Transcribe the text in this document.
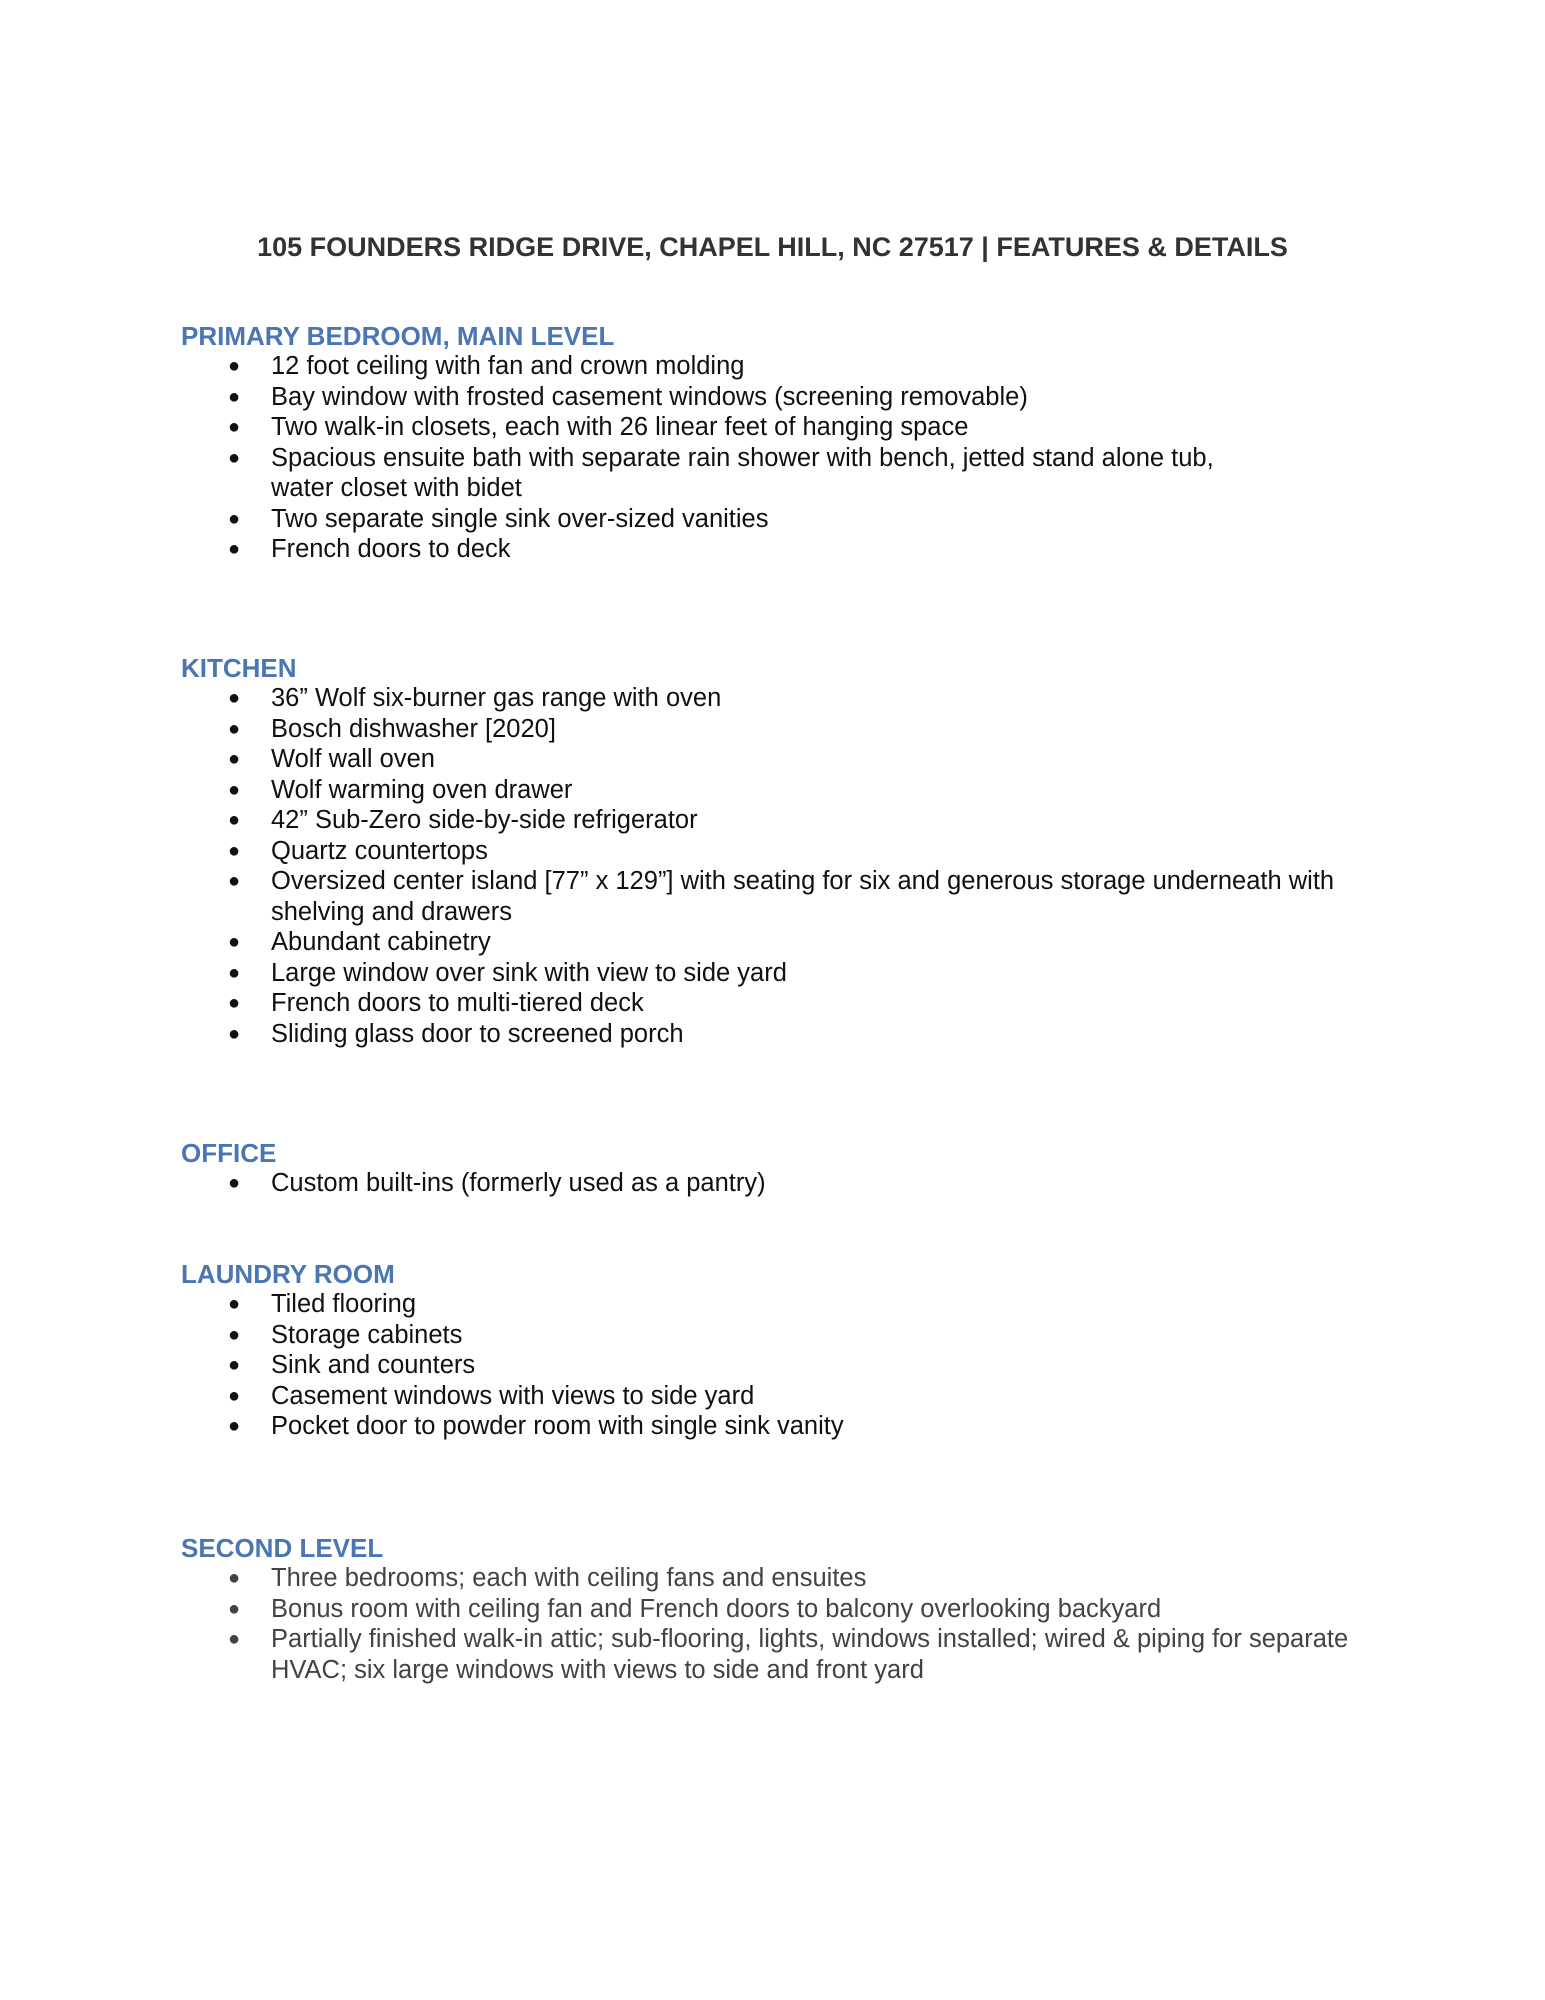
105 FOUNDERS RIDGE DRIVE, CHAPEL HILL, NC 27517 | FEATURES & DETAILS
PRIMARY BEDROOM, MAIN LEVEL
● 12 foot ceiling with fan and crown molding
● Bay window with frosted casement windows (screening removable)
● Two walk-in closets, each with 26 linear feet of hanging space
● Spacious ensuite bath with separate rain shower with bench, jetted stand alone tub, water closet with bidet
● Two separate single sink over-sized vanities
● French doors to deck
KITCHEN
● 36” Wolf six-burner gas range with oven
● Bosch dishwasher [2020]
● Wolf wall oven
● Wolf warming oven drawer
● 42” Sub-Zero side-by-side refrigerator
● Quartz countertops
● Oversized center island [77” x 129”] with seating for six and generous storage underneath with shelving and drawers
● Abundant cabinetry
● Large window over sink with view to side yard
● French doors to multi-tiered deck
● Sliding glass door to screened porch
OFFICE
● Custom built-ins (formerly used as a pantry)
LAUNDRY ROOM
● Tiled flooring
● Storage cabinets
● Sink and counters
● Casement windows with views to side yard
● Pocket door to powder room with single sink vanity
SECOND LEVEL
● Three bedrooms; each with ceiling fans and ensuites
● Bonus room with ceiling fan and French doors to balcony overlooking backyard
● Partially finished walk-in attic; sub-flooring, lights, windows installed; wired & piping for separate HVAC; six large windows with views to side and front yard
